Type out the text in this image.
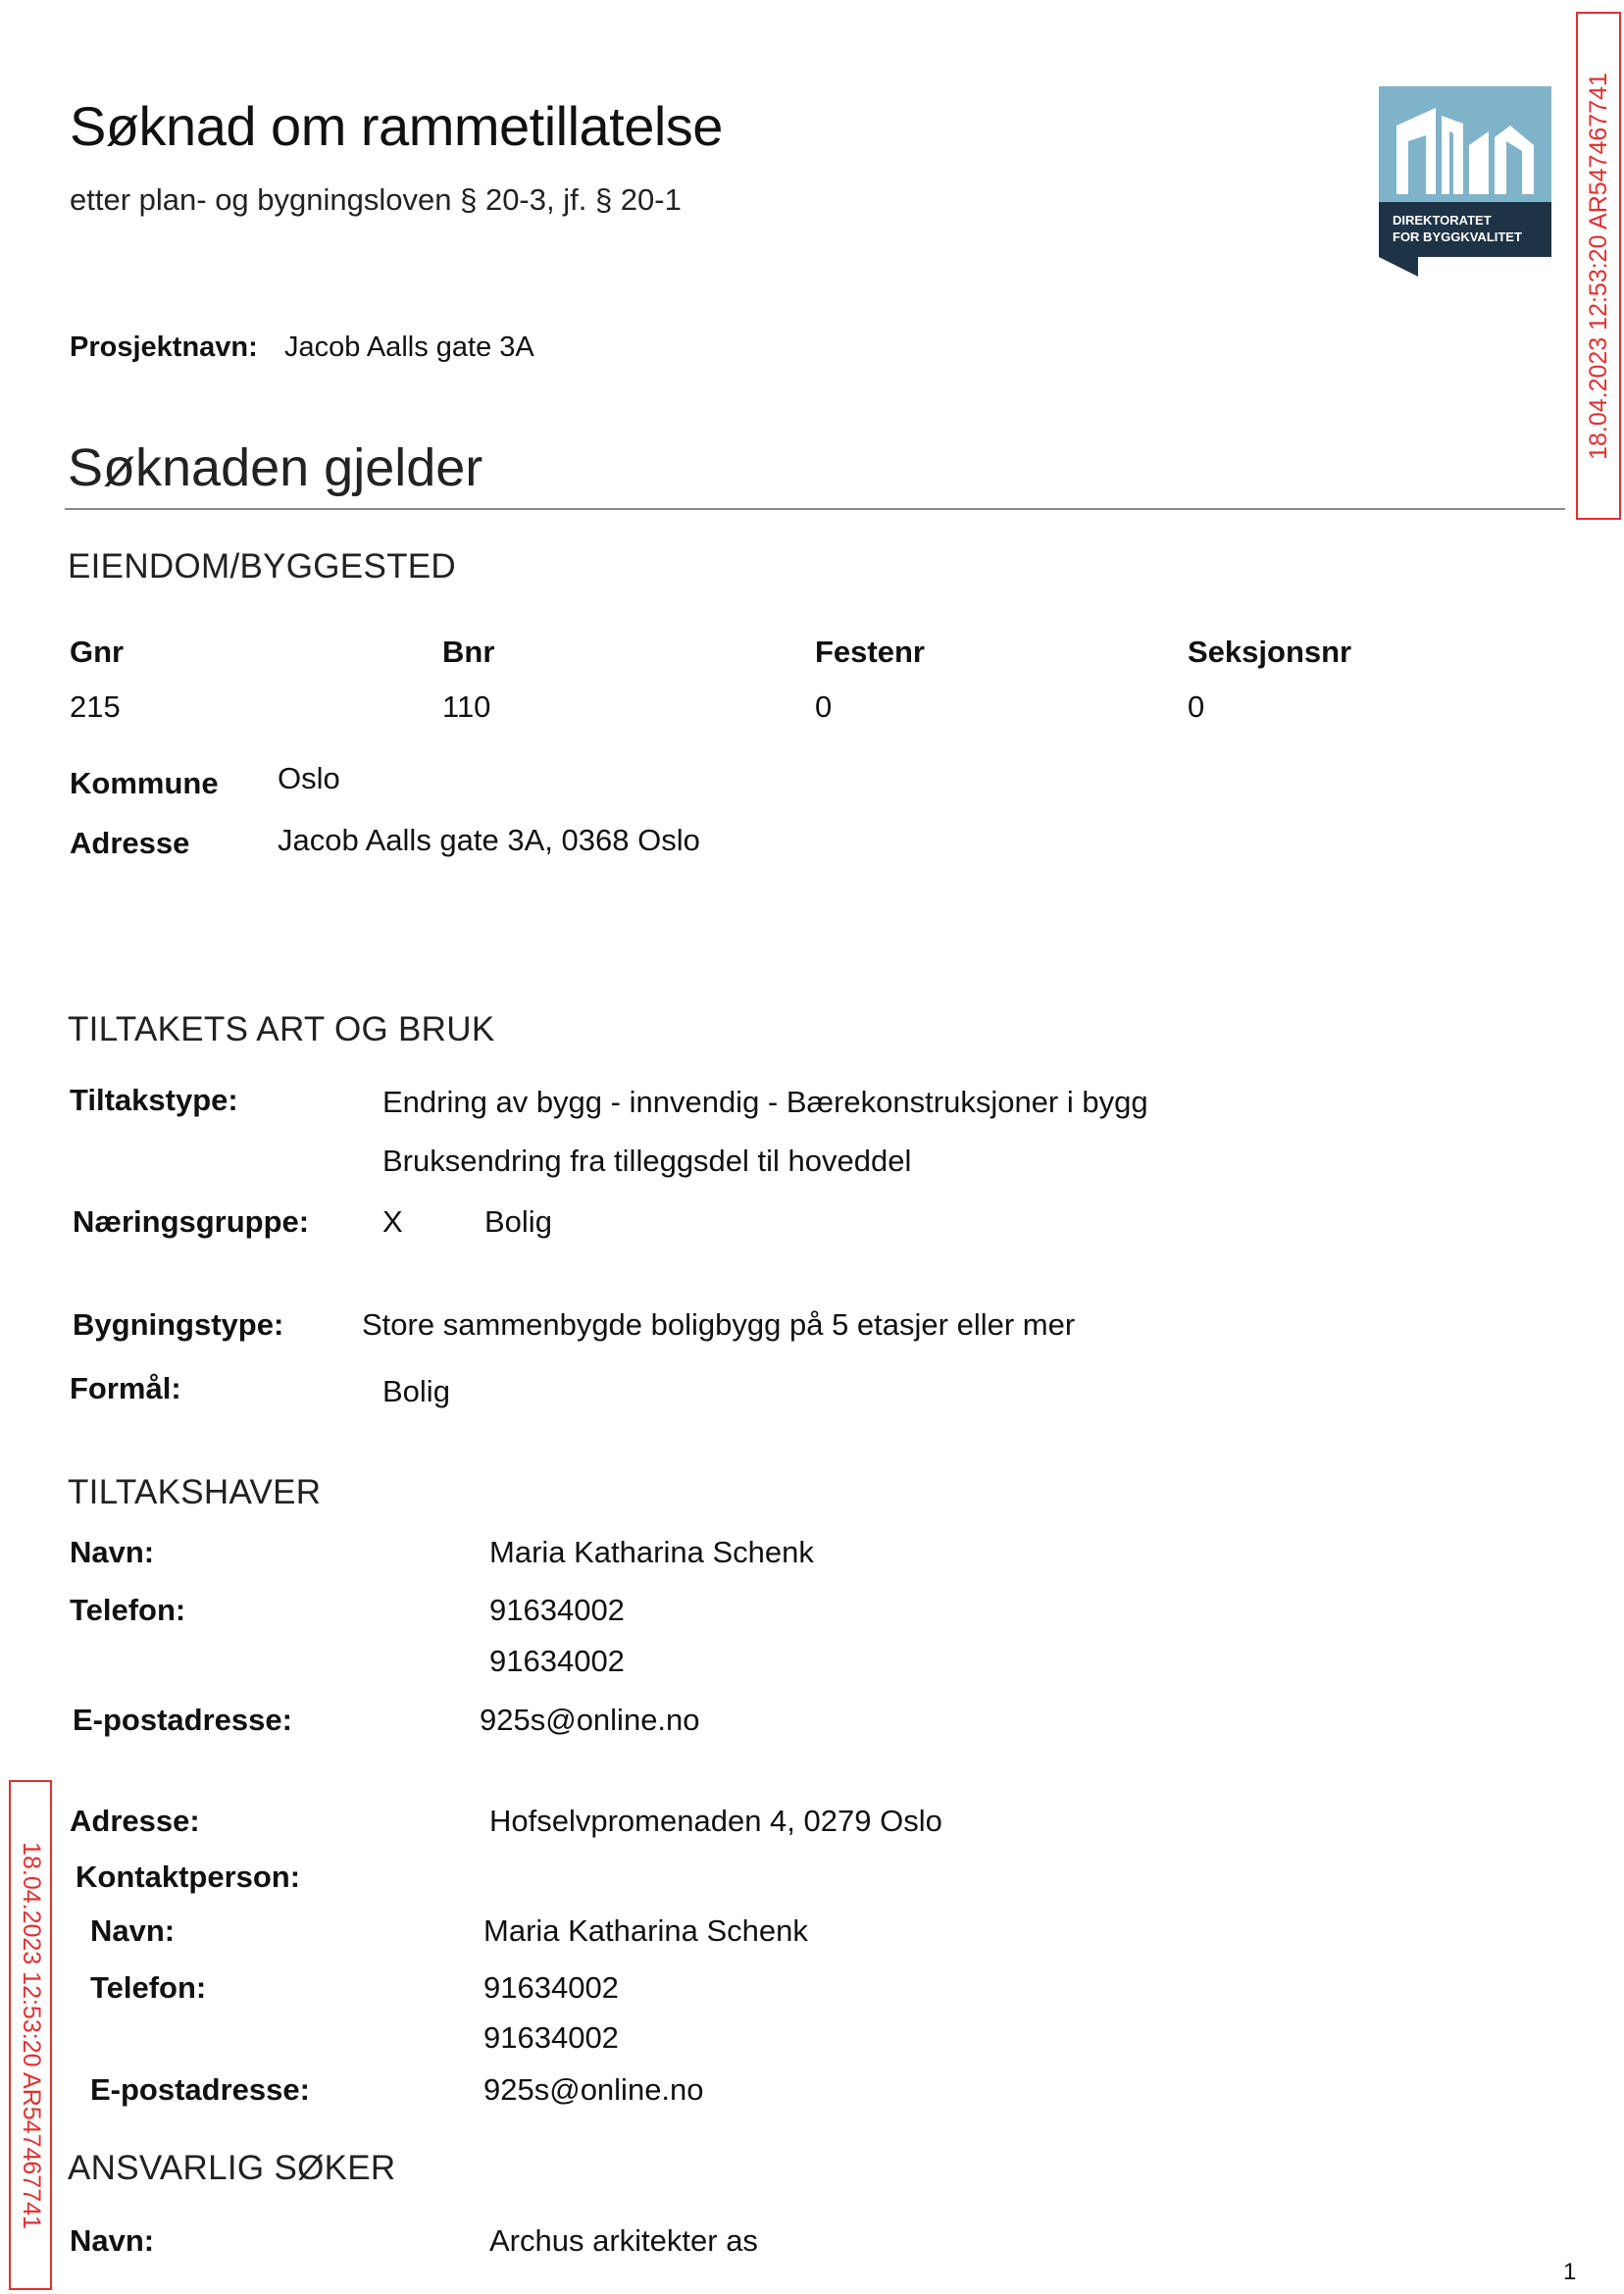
Søknad om rammetillatelse
etter plan- og bygningsloven § 20-3, jf. § 20-1
DIREKTORATET
FOR BYGGKVALITET
Prosjektnavn: Jacob Aalls gate 3A
Søknaden gjelder
EIENDOM/BYGGESTED
Gnr	Bnr	Festenr	Seksjonsnr
215	110	0	0
Kommune Oslo
Adresse	Jacob Aalls gate 3A, 0368 Oslo
TILTAKETS ART OG BRUK
Tiltakstype:	Endring av bygg - innvendig - Bærekonstruksjoner i bygg
Bruksendring fra tilleggsdel til hoveddel
Næringsgruppe: X	Bolig
Bygningstype:	Store sammenbygde boligbygg på 5 etasjer eller mer
Formål:	Bolig
TILTAKSHAVER
Navn:	Maria Katharina Schenk
Telefon:	91634002
91634002
E-postadresse:	925s@online.no
Adresse:	Hofselvpromenaden 4, 0279 Oslo
Kontaktperson:
Navn:	Maria Katharina Schenk
Telefon:	91634002
91634002
E-postadresse:	925s@online.no
ANSVARLIG SØKER
Navn:	Archus arkitekter as
18.04.2023 12:53:20 AR547467741
18.04.2023 12:53:20 AR547467741
1
